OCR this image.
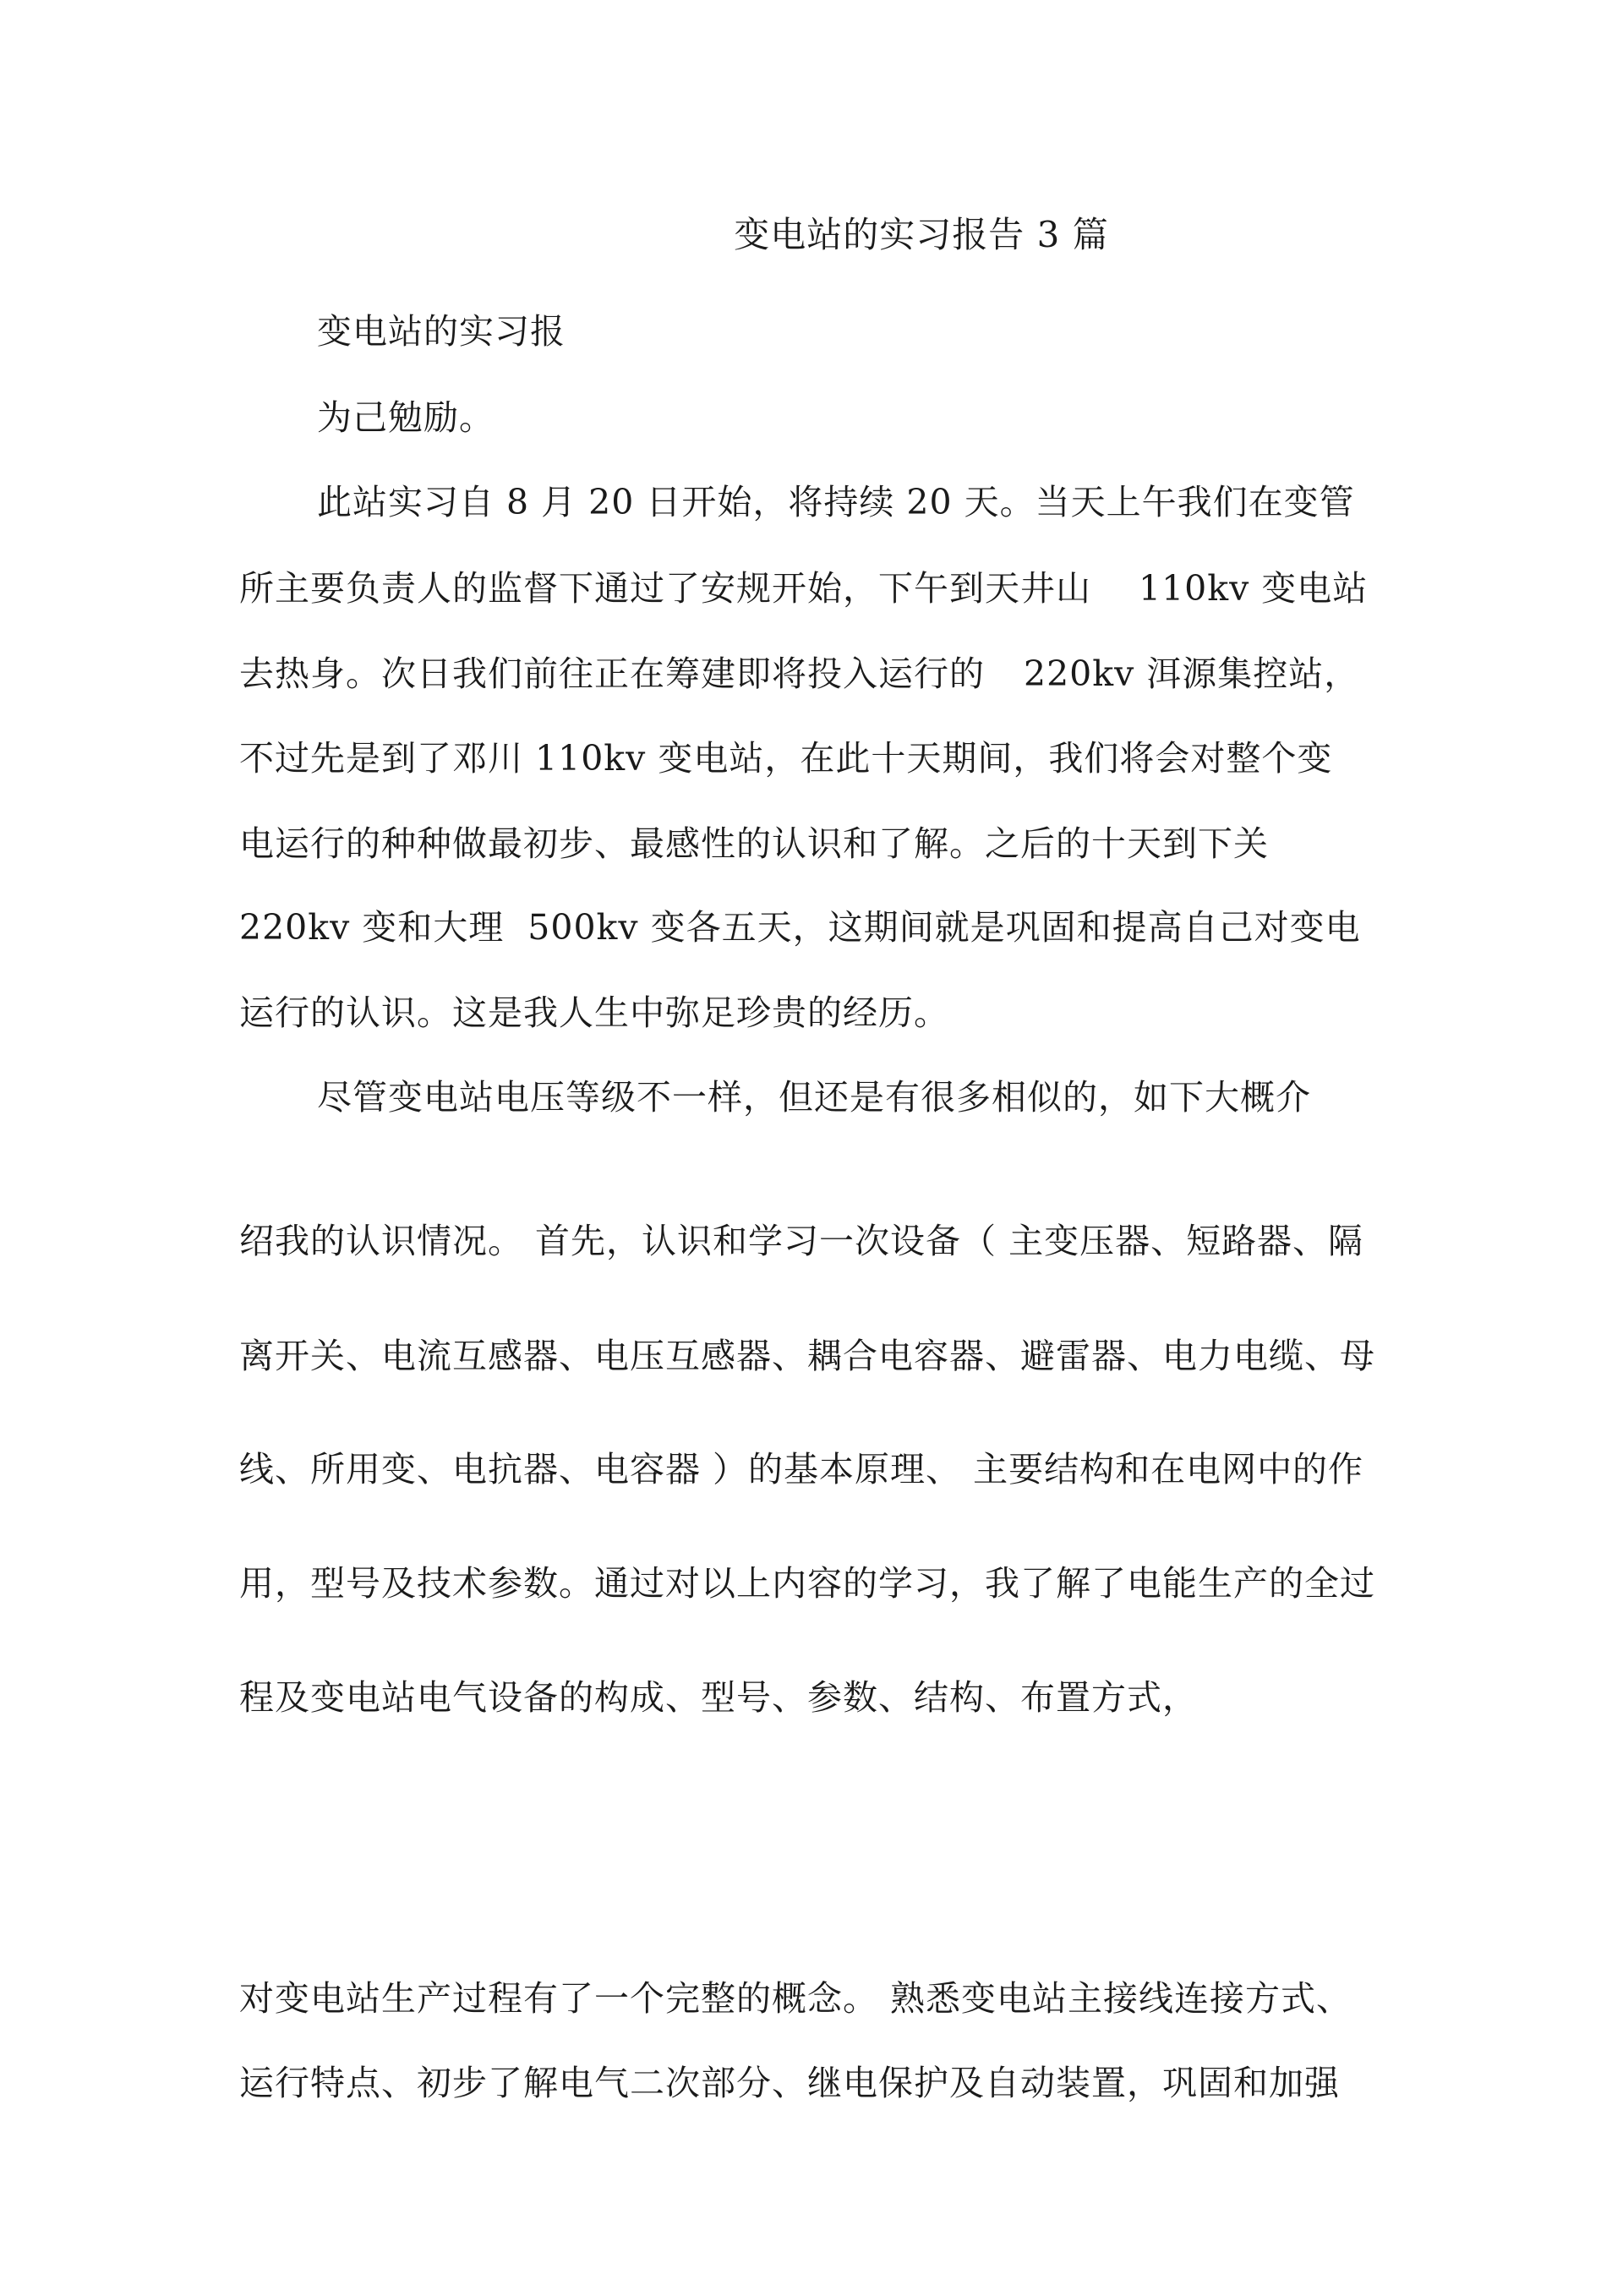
变电站的实习报告 3 篇
变电站的实习报
为己勉励。
此站实习自 8 月 20 日开始，将持续 20 天。当天上午我们在变管
所主要负责人的监督下通过了安规开始，下午到天井山 110kv 变电站
去热身。次日我们前往正在筹建即将投入运行的 220kv 洱源集控站，
不过先是到了邓川 110kv 变电站，在此十天期间，我们将会对整个变
电运行的种种做最初步、最感性的认识和了解。之后的十天到下关
220kv 变和大理 500kv 变各五天，这期间就是巩固和提高自己对变电
运行的认识。这是我人生中弥足珍贵的经历。
尽管变电站电压等级不一样，但还是有很多相似的，如下大概介
绍我的认识情况。 首先，认识和学习一次设备（ 主变压器、短路器、隔
离开关、电流互感器、电压互感器、耦合电容器、避雷器、电力电缆、母
线、所用变、电抗器、电容器 ）的基本原理、 主要结构和在电网中的作
用，型号及技术参数。通过对以上内容的学习，我了解了电能生产的全过
程及变电站电气设备的构成、型号、参数、结构、布置方式，
对变电站生产过程有了一个完整的概念。 熟悉变电站主接线连接方式、
运行特点、初步了解电气二次部分、继电保护及自动装置，巩固和加强
